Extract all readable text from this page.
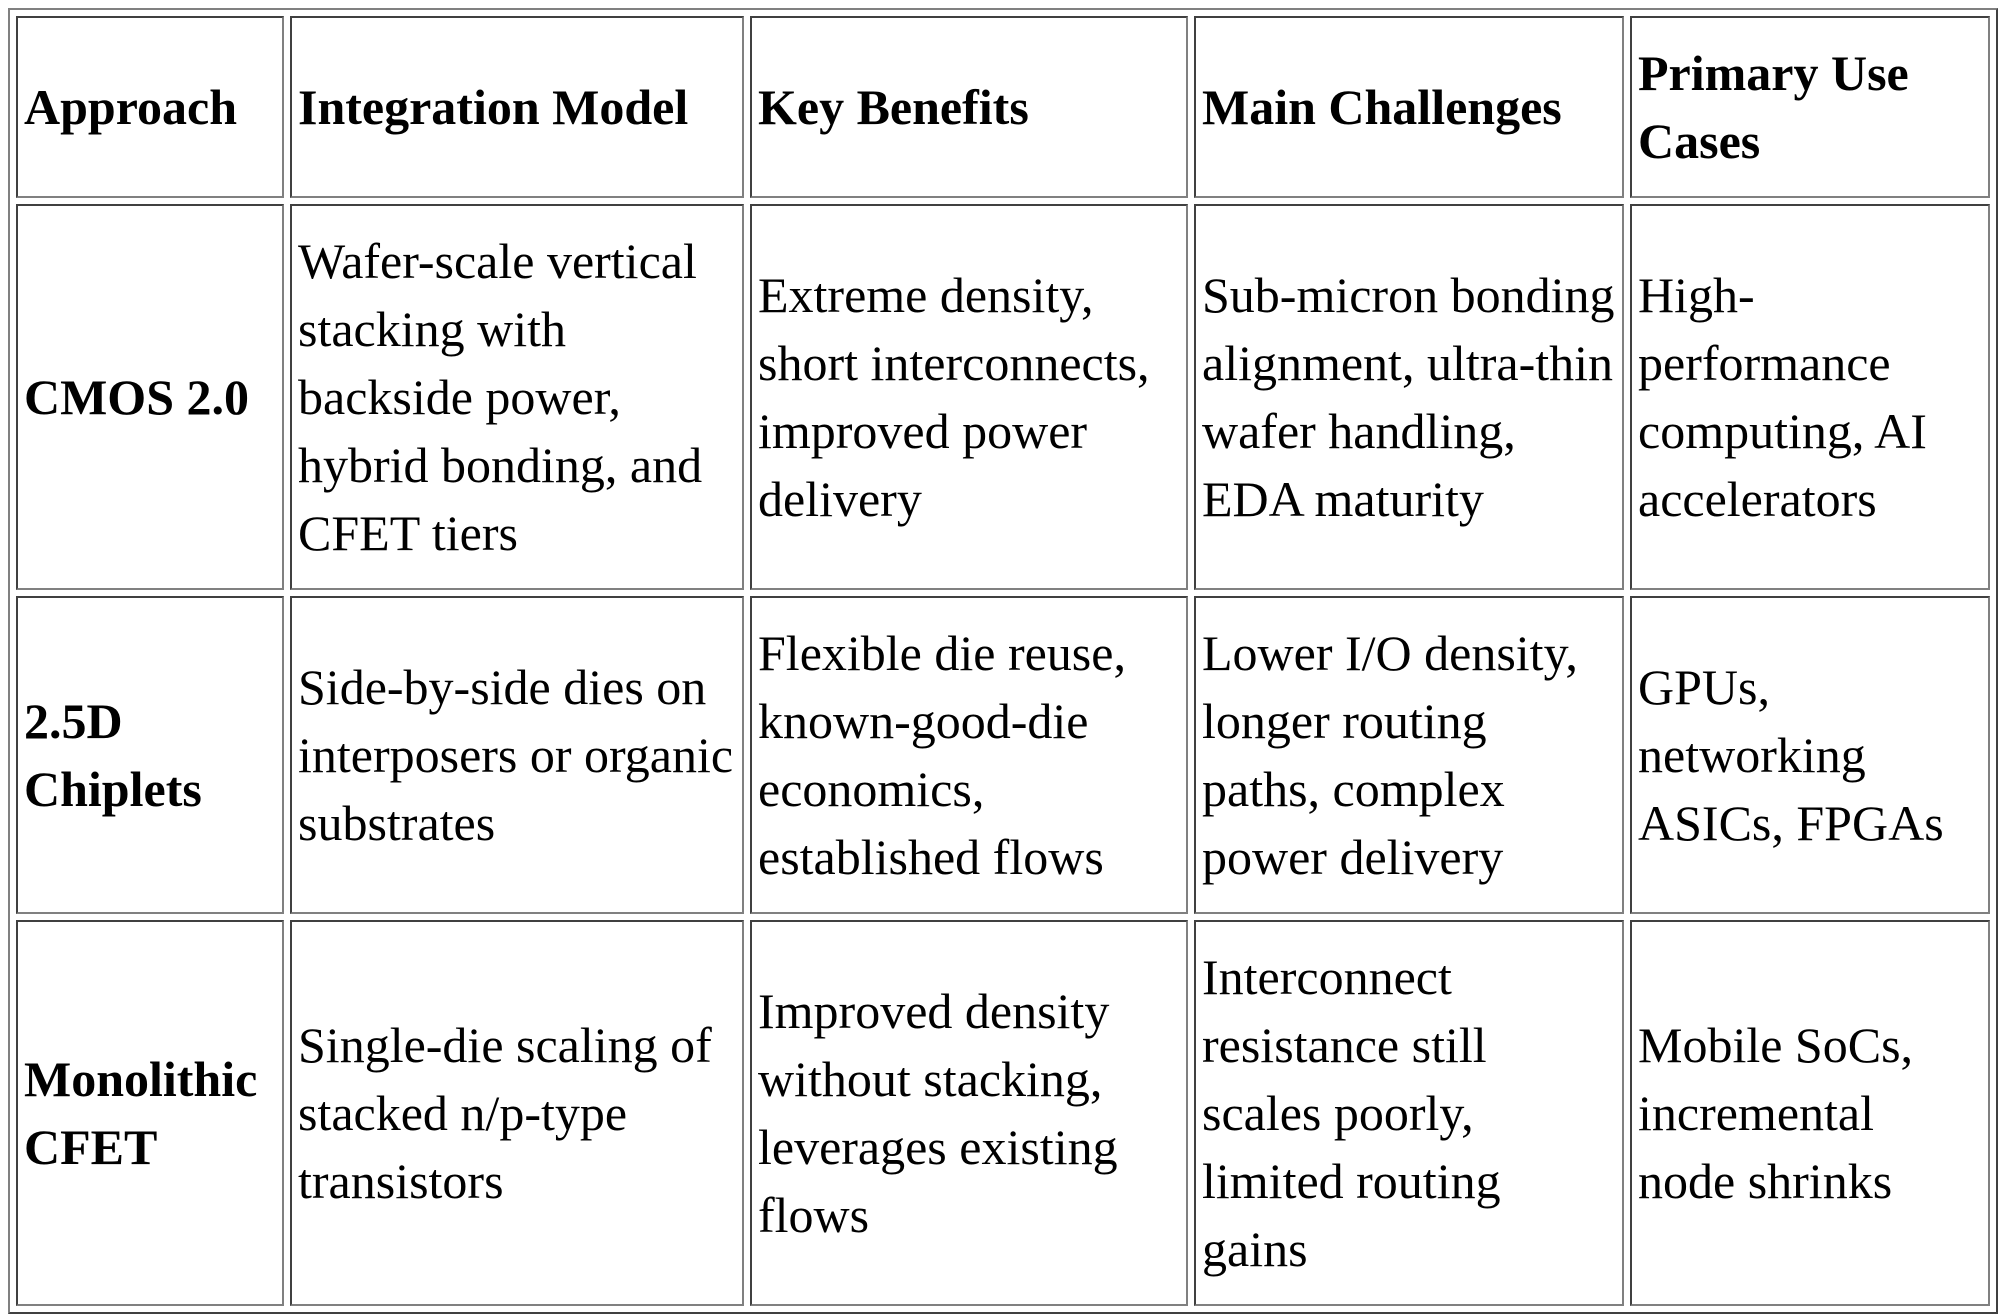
Approach	Integration Model	Key Benefits	Main Challenges	Primary Use Cases
CMOS 2.0	Wafer-scale vertical stacking with backside power, hybrid bonding, and CFET tiers	Extreme density, short interconnects, improved power delivery	Sub-micron bonding alignment, ultra-thin wafer handling, EDA maturity	High-performance computing, AI accelerators
2.5D Chiplets	Side-by-side dies on interposers or organic substrates	Flexible die reuse, known-good-die economics, established flows	Lower I/O density, longer routing paths, complex power delivery	GPUs, networking ASICs, FPGAs
Monolithic CFET	Single-die scaling of stacked n/p-type transistors	Improved density without stacking, leverages existing flows	Interconnect resistance still scales poorly, limited routing gains	Mobile SoCs, incremental node shrinks
